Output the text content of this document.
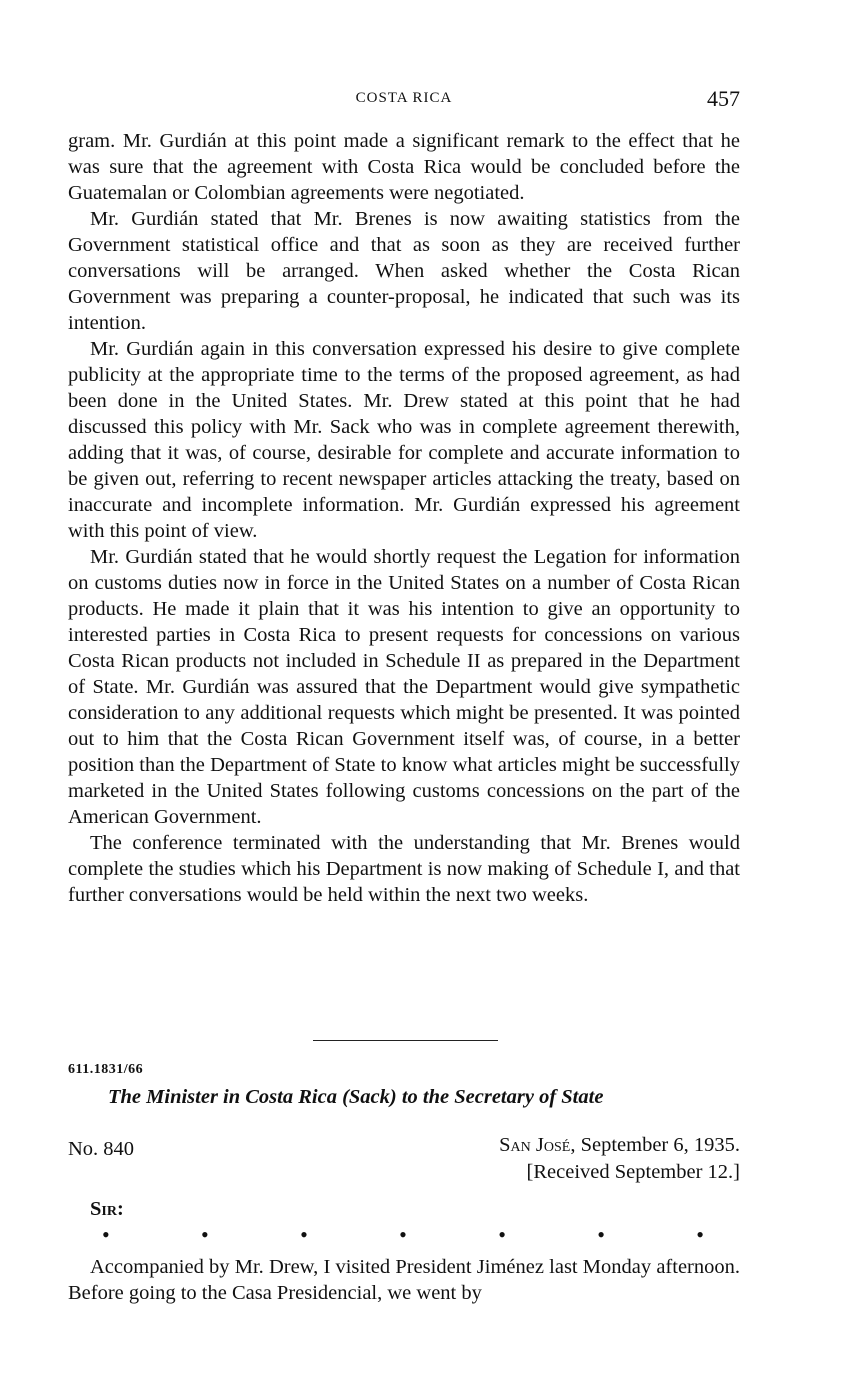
COSTA RICA	457

gram. Mr. Gurdián at this point made a significant remark to the effect that he was sure that the agreement with Costa Rica would be concluded before the Guatemalan or Colombian agreements were negotiated.

Mr. Gurdián stated that Mr. Brenes is now awaiting statistics from the Government statistical office and that as soon as they are received further conversations will be arranged. When asked whether the Costa Rican Government was preparing a counter-proposal, he indicated that such was its intention.

Mr. Gurdián again in this conversation expressed his desire to give complete publicity at the appropriate time to the terms of the proposed agreement, as had been done in the United States. Mr. Drew stated at this point that he had discussed this policy with Mr. Sack who was in complete agreement therewith, adding that it was, of course, desirable for complete and accurate information to be given out, referring to recent newspaper articles attacking the treaty, based on inaccurate and incomplete information. Mr. Gurdián expressed his agreement with this point of view.

Mr. Gurdián stated that he would shortly request the Legation for information on customs duties now in force in the United States on a number of Costa Rican products. He made it plain that it was his intention to give an opportunity to interested parties in Costa Rica to present requests for concessions on various Costa Rican products not included in Schedule II as prepared in the Department of State. Mr. Gurdián was assured that the Department would give sympathetic consideration to any additional requests which might be presented. It was pointed out to him that the Costa Rican Government itself was, of course, in a better position than the Department of State to know what articles might be successfully marketed in the United States following customs concessions on the part of the American Government.

The conference terminated with the understanding that Mr. Brenes would complete the studies which his Department is now making of Schedule I, and that further conversations would be held within the next two weeks.

611.1831/66
The Minister in Costa Rica (Sack) to the Secretary of State
No. 840	San José, September 6, 1935.
[Received September 12.]
Sir:
•	•	•	•	•	•	•

Accompanied by Mr. Drew, I visited President Jiménez last Monday afternoon. Before going to the Casa Presidencial, we went by
